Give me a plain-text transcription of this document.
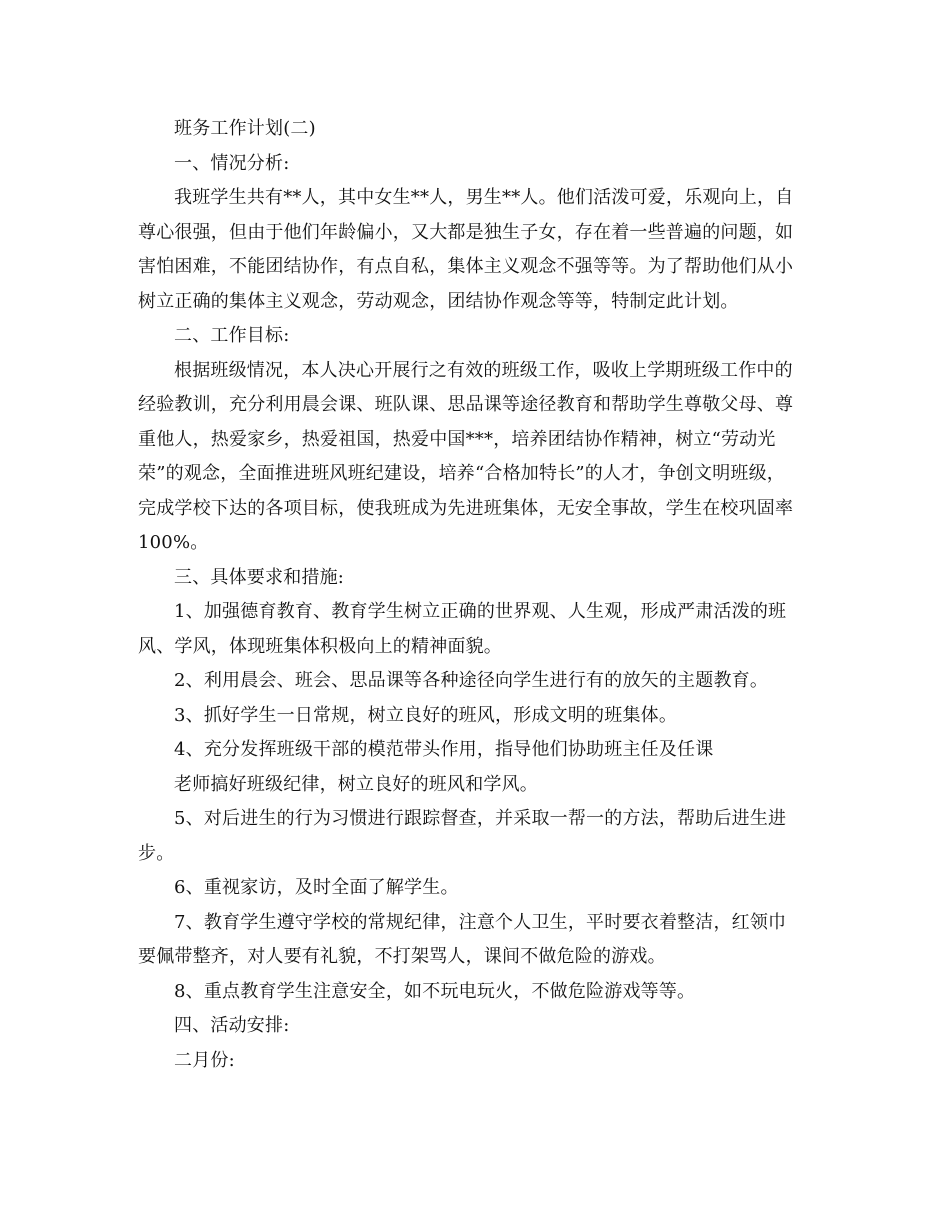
班务工作计划(二)
一、情况分析:
我班学生共有**人，其中女生**人，男生**人。他们活泼可爱，乐观向上，自
尊心很强，但由于他们年龄偏小，又大都是独生子女，存在着一些普遍的问题，如
害怕困难，不能团结协作，有点自私，集体主义观念不强等等。为了帮助他们从小
树立正确的集体主义观念，劳动观念，团结协作观念等等，特制定此计划。
二、工作目标:
根据班级情况，本人决心开展行之有效的班级工作，吸收上学期班级工作中的
经验教训，充分利用晨会课、班队课、思品课等途径教育和帮助学生尊敬父母、尊
重他人，热爱家乡，热爱祖国，热爱中国***，培养团结协作精神，树立“劳动光
荣”的观念，全面推进班风班纪建设，培养“合格加特长”的人才，争创文明班级，
完成学校下达的各项目标，使我班成为先进班集体，无安全事故，学生在校巩固率
100%。
三、具体要求和措施:
1、加强德育教育、教育学生树立正确的世界观、人生观，形成严肃活泼的班
风、学风，体现班集体积极向上的精神面貌。
2、利用晨会、班会、思品课等各种途径向学生进行有的放矢的主题教育。
3、抓好学生一日常规，树立良好的班风，形成文明的班集体。
4、充分发挥班级干部的模范带头作用，指导他们协助班主任及任课
老师搞好班级纪律，树立良好的班风和学风。
5、对后进生的行为习惯进行跟踪督查，并采取一帮一的方法，帮助后进生进
步。
6、重视家访，及时全面了解学生。
7、教育学生遵守学校的常规纪律，注意个人卫生，平时要衣着整洁，红领巾
要佩带整齐，对人要有礼貌，不打架骂人，课间不做危险的游戏。
8、重点教育学生注意安全，如不玩电玩火，不做危险游戏等等。
四、活动安排:
二月份:
